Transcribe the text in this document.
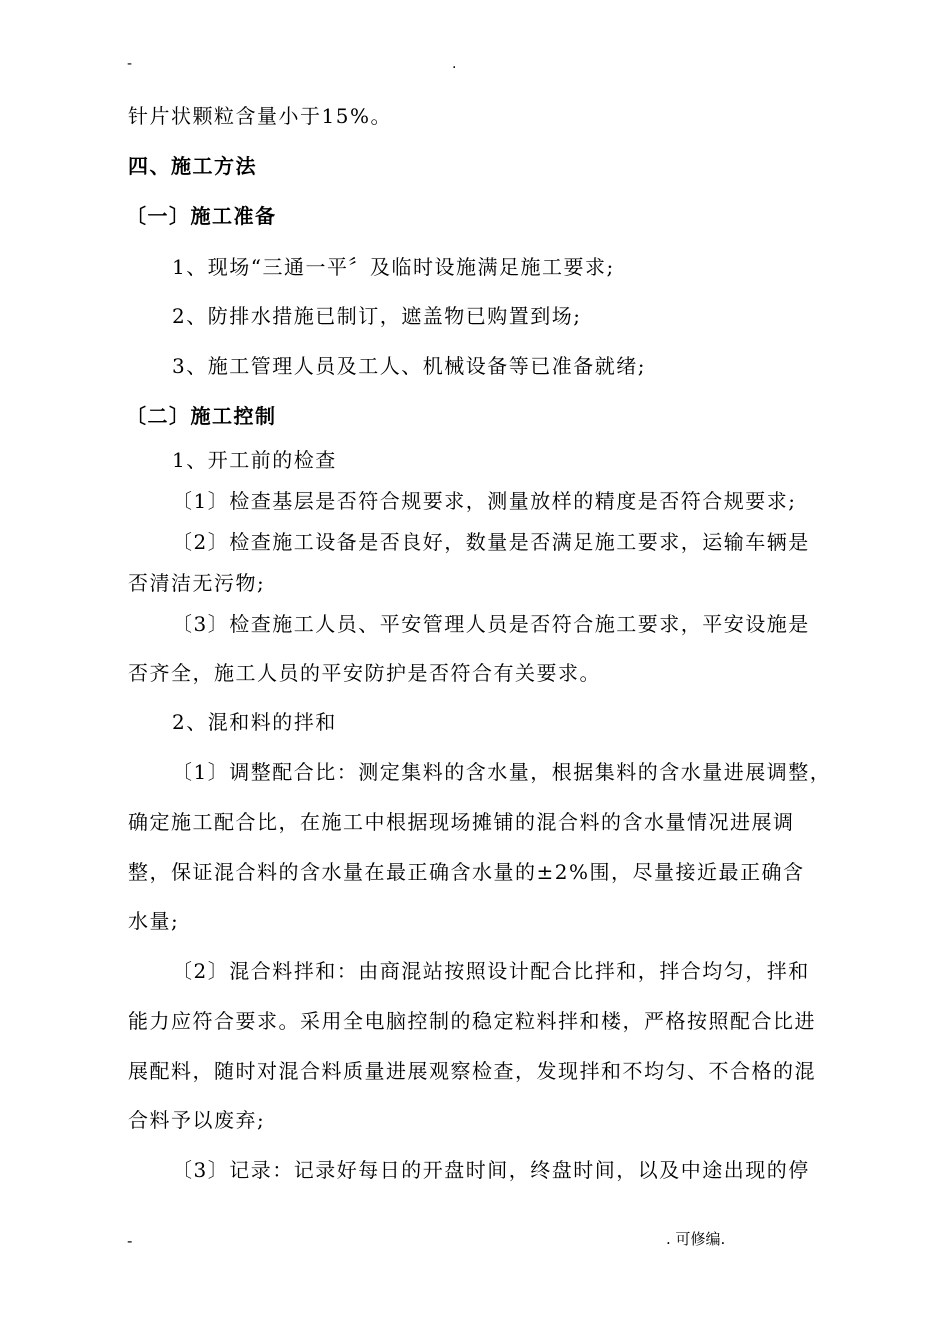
-	.
针片状颗粒含量小于15%。
四、施工方法
〔一〕施工准备
1、现场“三通一平〞及临时设施满足施工要求;
2、防排水措施已制订，遮盖物已购置到场;
3、施工管理人员及工人、机械设备等已准备就绪;
〔二〕施工控制
1、开工前的检查
〔1〕检查基层是否符合规要求，测量放样的精度是否符合规要求;
〔2〕检查施工设备是否良好，数量是否满足施工要求，运输车辆是
否清洁无污物;
〔3〕检查施工人员、平安管理人员是否符合施工要求，平安设施是
否齐全，施工人员的平安防护是否符合有关要求。
2、混和料的拌和
〔1〕调整配合比：测定集料的含水量，根据集料的含水量进展调整，
确定施工配合比，在施工中根据现场摊铺的混合料的含水量情况进展调
整，保证混合料的含水量在最正确含水量的±2%围，尽量接近最正确含
水量;
〔2〕混合料拌和：由商混站按照设计配合比拌和，拌合均匀，拌和
能力应符合要求。采用全电脑控制的稳定粒料拌和楼，严格按照配合比进
展配料，随时对混合料质量进展观察检查，发现拌和不均匀、不合格的混
合料予以废弃;
〔3〕记录：记录好每日的开盘时间，终盘时间，以及中途出现的停
-	. 可修编.
